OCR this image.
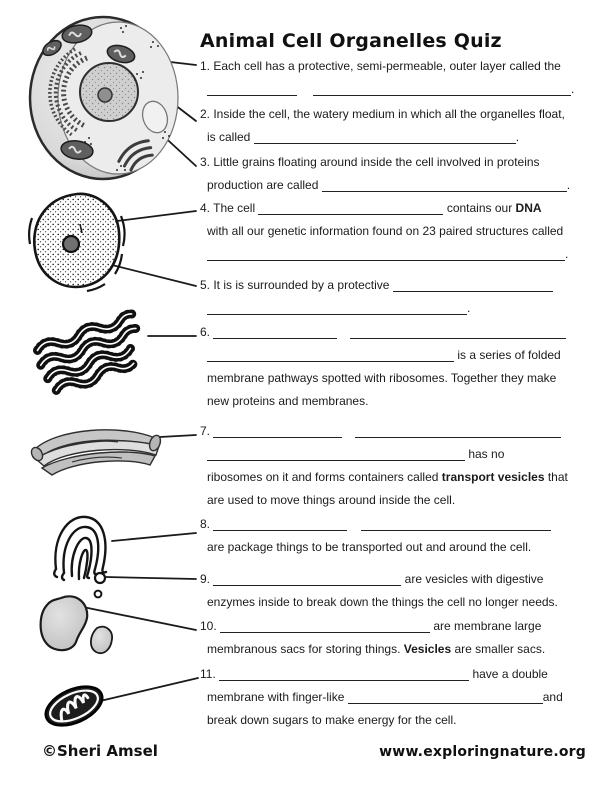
Animal Cell Organelles Quiz
1. Each cell has a protective, semi-permeable, outer layer called the
.
2. Inside the cell, the watery medium in which all the organelles float,
is called	.
3. Little grains floating around inside the cell involved in proteins
production are called	.
4. The cell	contains our DNA
with all our genetic information found on 23 paired structures called
.
5. It is is surrounded by a protective
.
6.
is a series of folded
membrane pathways spotted with ribosomes. Together they make
new proteins and membranes.
7.
has no
ribosomes on it and forms containers called transport vesicles that
are used to move things around inside the cell.
8.
are package things to be transported out and around the cell.
9.	are vesicles with digestive
enzymes inside to break down the things the cell no longer needs.
10.	are membrane large
membranous sacs for storing things. Vesicles are smaller sacs.
11.	have a double
membrane with finger-like	and
break down sugars to make energy for the cell.
©Sheri Amsel	www.exploringnature.org
